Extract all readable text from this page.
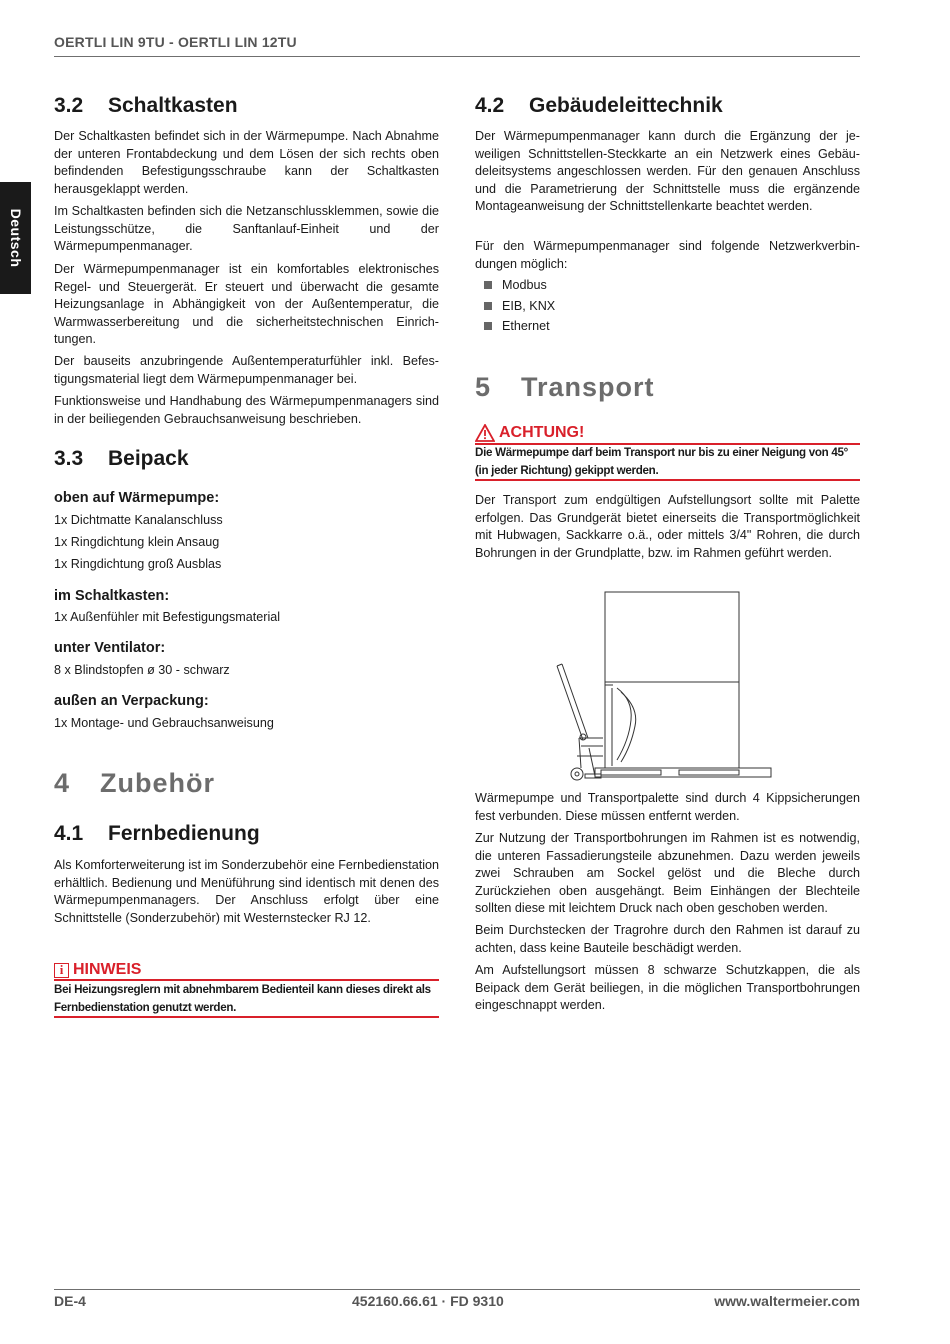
OERTLI LIN 9TU - OERTLI LIN 12TU
Deutsch
3.2 Schaltkasten

Der Schaltkasten befindet sich in der Wärmepumpe. Nach Abnahme der unteren Frontabdeckung und dem Lösen der sich rechts oben befindenden Befestigungsschraube kann der Schaltkasten herausgeklappt werden.

Im Schaltkasten befinden sich die Netzanschlussklemmen, sowie die Leistungsschütze, die Sanftanlauf-Einheit und der Wärmepumpenmanager.

Der Wärmepumpenmanager ist ein komfortables elektronisches Regel- und Steuergerät. Er steuert und überwacht die gesamte Heizungsanlage in Abhängigkeit von der Außentemperatur, die Warmwasserbereitung und die sicherheitstechnischen Einrichtungen.

Der bauseits anzubringende Außentemperaturfühler inkl. Befestigungsmaterial liegt dem Wärmepumpenmanager bei.

Funktionsweise und Handhabung des Wärmepumpenmanagers sind in der beiliegenden Gebrauchsanweisung beschrieben.

3.3 Beipack
oben auf Wärmepumpe:
1x Dichtmatte Kanalanschluss
1x Ringdichtung klein Ansaug
1x Ringdichtung groß Ausblas
im Schaltkasten:
1x Außenfühler mit Befestigungsmaterial
unter Ventilator:
8 x Blindstopfen ø 30 - schwarz
außen an Verpackung:
1x Montage- und Gebrauchsanweisung
4 Zubehör
4.1 Fernbedienung

Als Komforterweiterung ist im Sonderzubehör eine Fernbedienstation erhältlich. Bedienung und Menüführung sind identisch mit denen des Wärmepumpenmanagers. Der Anschluss erfolgt über eine Schnittstelle (Sonderzubehör) mit Westernstecker RJ 12.

i HINWEIS

Bei Heizungsreglern mit abnehmbarem Bedienteil kann dieses direkt als Fernbedienstation genutzt werden.

4.2 Gebäudeleittechnik

Der Wärmepumpenmanager kann durch die Ergänzung der jeweiligen Schnittstellen-Steckkarte an ein Netzwerk eines Gebäudeleitsystems angeschlossen werden. Für den genauen Anschluss und die Parametrierung der Schnittstelle muss die ergänzende Montageanweisung der Schnittstellenkarte beachtet werden.

Für den Wärmepumpenmanager sind folgende Netzwerkverbindungen möglich:

Modbus
EIB, KNX
Ethernet
5 Transport
ACHTUNG!

Die Wärmepumpe darf beim Transport nur bis zu einer Neigung von 45° (in jeder Richtung) gekippt werden.

Der Transport zum endgültigen Aufstellungsort sollte mit Palette erfolgen. Das Grundgerät bietet einerseits die Transportmöglichkeit mit Hubwagen, Sackkarre o.ä., oder mittels 3/4" Rohren, die durch Bohrungen in der Grundplatte, bzw. im Rahmen geführt werden.

Wärmepumpe und Transportpalette sind durch 4 Kippsicherungen fest verbunden. Diese müssen entfernt werden.

Zur Nutzung der Transportbohrungen im Rahmen ist es notwendig, die unteren Fassadierungsteile abzunehmen. Dazu werden jeweils zwei Schrauben am Sockel gelöst und die Bleche durch Zurückziehen oben ausgehängt. Beim Einhängen der Blechteile sollten diese mit leichtem Druck nach oben geschoben werden.

Beim Durchstecken der Tragrohre durch den Rahmen ist darauf zu achten, dass keine Bauteile beschädigt werden.

Am Aufstellungsort müssen 8 schwarze Schutzkappen, die als Beipack dem Gerät beiliegen, in die möglichen Transportbohrungen eingeschnappt werden.

DE-4	452160.66.61 · FD 9310	www.waltermeier.com
